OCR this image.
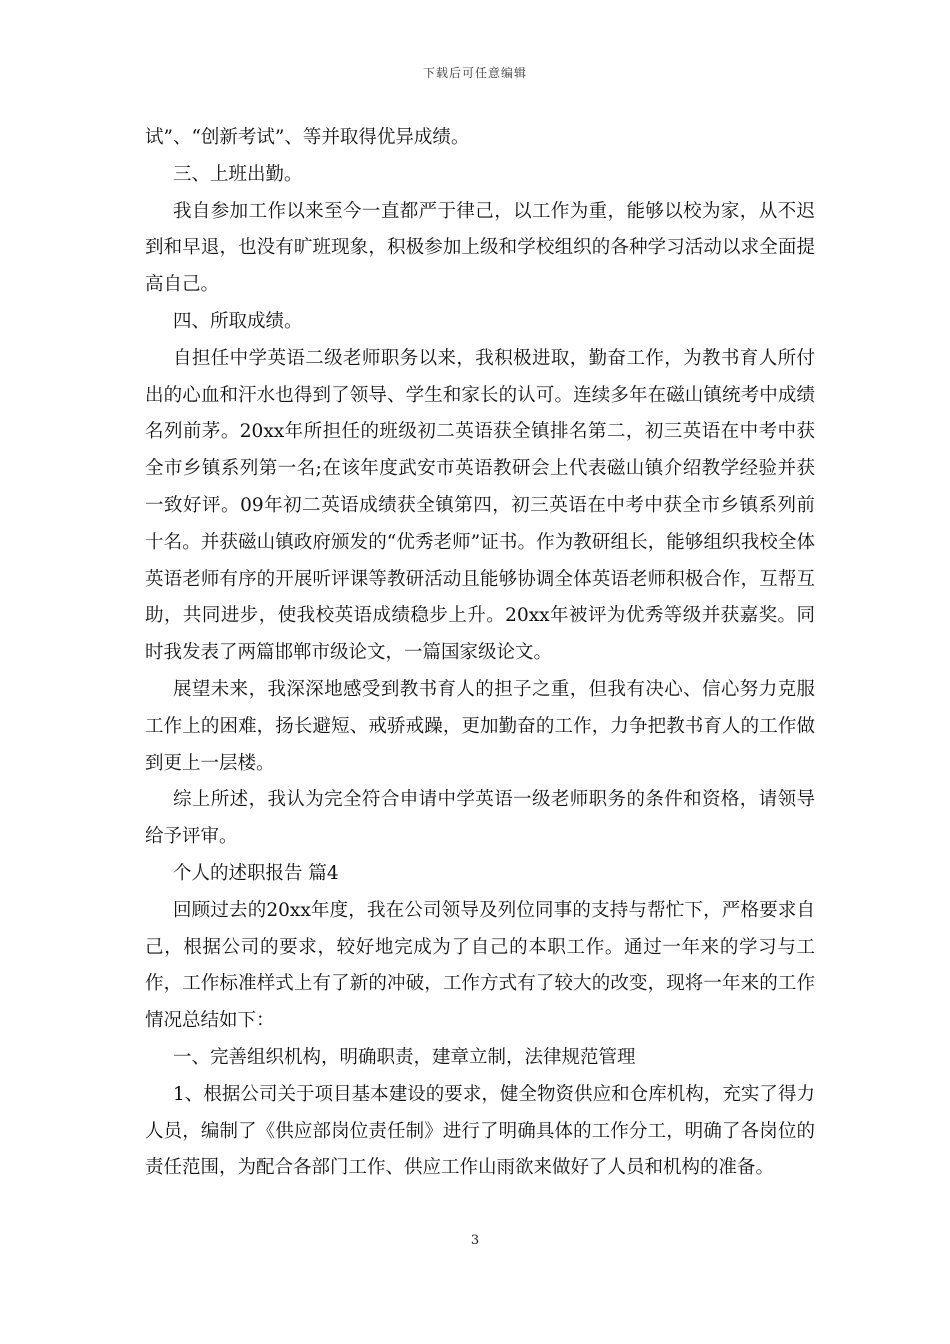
下载后可任意编辑

试”、“创新考试”、等并取得优异成绩。

三、上班出勤。

我自参加工作以来至今一直都严于律己，以工作为重，能够以校为家，从不迟到和早退，也没有旷班现象，积极参加上级和学校组织的各种学习活动以求全面提高自己。

四、所取成绩。

自担任中学英语二级老师职务以来，我积极进取，勤奋工作，为教书育人所付出的心血和汗水也得到了领导、学生和家长的认可。连续多年在磁山镇统考中成绩名列前茅。20xx年所担任的班级初二英语获全镇排名第二，初三英语在中考中获全市乡镇系列第一名;在该年度武安市英语教研会上代表磁山镇介绍教学经验并获一致好评。09年初二英语成绩获全镇第四，初三英语在中考中获全市乡镇系列前十名。并获磁山镇政府颁发的“优秀老师”证书。作为教研组长，能够组织我校全体英语老师有序的开展听评课等教研活动且能够协调全体英语老师积极合作，互帮互助，共同进步，使我校英语成绩稳步上升。20xx年被评为优秀等级并获嘉奖。同时我发表了两篇邯郸市级论文，一篇国家级论文。

展望未来，我深深地感受到教书育人的担子之重，但我有决心、信心努力克服工作上的困难，扬长避短、戒骄戒躁，更加勤奋的工作，力争把教书育人的工作做到更上一层楼。

综上所述，我认为完全符合申请中学英语一级老师职务的条件和资格，请领导给予评审。

个人的述职报告 篇4

回顾过去的20xx年度，我在公司领导及列位同事的支持与帮忙下，严格要求自己，根据公司的要求，较好地完成为了自己的本职工作。通过一年来的学习与工作，工作标准样式上有了新的冲破，工作方式有了较大的改变，现将一年来的工作情况总结如下：

一、完善组织机构，明确职责，建章立制，法律规范管理

1、根据公司关于项目基本建设的要求，健全物资供应和仓库机构，充实了得力人员，编制了《供应部岗位责任制》进行了明确具体的工作分工，明确了各岗位的责任范围，为配合各部门工作、供应工作山雨欲来做好了人员和机构的准备。

3
